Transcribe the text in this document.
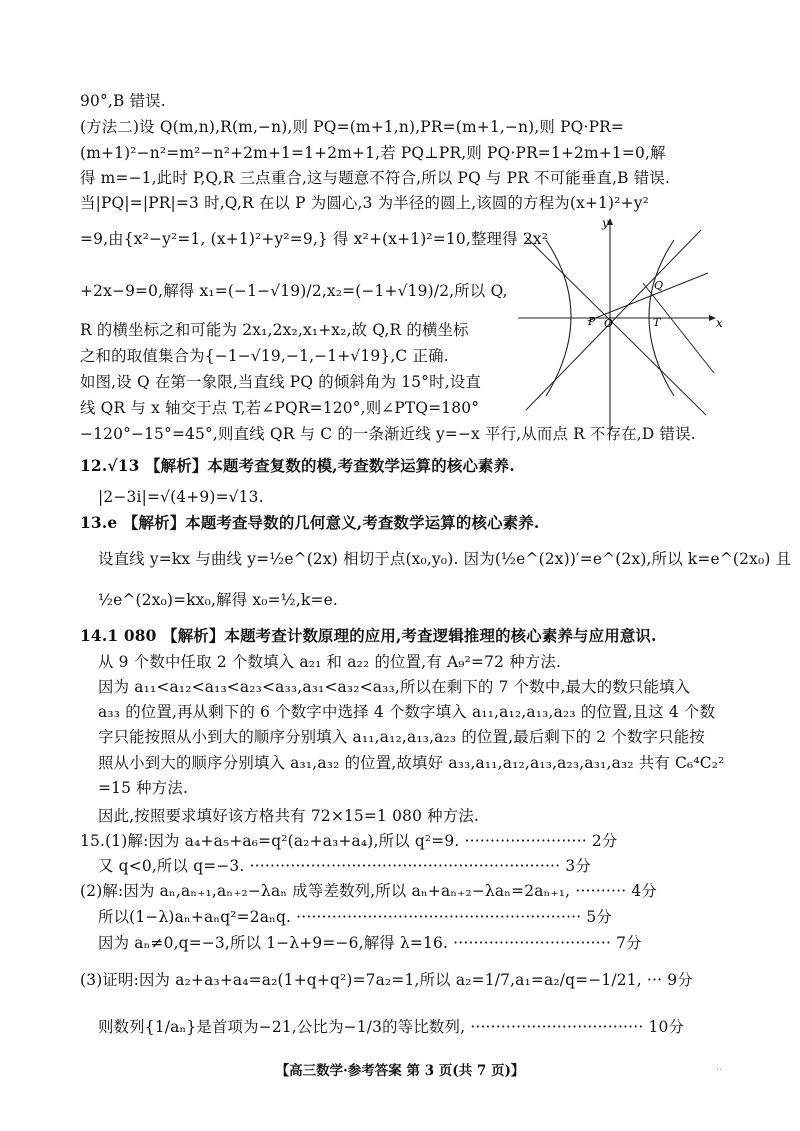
90°,B 错误.
(方法二)设 Q(m,n),R(m,−n),则 PQ=(m+1,n),PR=(m+1,−n),则 PQ·PR=
(m+1)²−n²=m²−n²+2m+1=1+2m+1,若 PQ⊥PR,则 PQ·PR=1+2m+1=0,解
得 m=−1,此时 P,Q,R 三点重合,这与题意不符合,所以 PQ 与 PR 不可能垂直,B 错误.
当|PQ|=|PR|=3 时,Q,R 在以 P 为圆心,3 为半径的圆上,该圆的方程为(x+1)²+y²
=9,由{x²−y²=1, (x+1)²+y²=9,} 得 x²+(x+1)²=10,整理得 2x²
+2x−9=0,解得 x₁=(−1−√19)/2,x₂=(−1+√19)/2,所以 Q,
R 的横坐标之和可能为 2x₁,2x₂,x₁+x₂,故 Q,R 的横坐标
之和的取值集合为{−1−√19,−1,−1+√19},C 正确.
如图,设 Q 在第一象限,当直线 PQ 的倾斜角为 15°时,设直
线 QR 与 x 轴交于点 T,若∠PQR=120°,则∠PTQ=180°
−120°−15°=45°,则直线 QR 与 C 的一条渐近线 y=−x 平行,从而点 R 不存在,D 错误.
12.√13 【解析】本题考查复数的模,考查数学运算的核心素养.
|2−3i|=√(4+9)=√13.
13.e 【解析】本题考查导数的几何意义,考查数学运算的核心素养.
设直线 y=kx 与曲线 y=½e^(2x) 相切于点(x₀,y₀). 因为(½e^(2x))′=e^(2x),所以 k=e^(2x₀) 且
½e^(2x₀)=kx₀,解得 x₀=½,k=e.
14.1 080 【解析】本题考查计数原理的应用,考查逻辑推理的核心素养与应用意识.
从 9 个数中任取 2 个数填入 a₂₁ 和 a₂₂ 的位置,有 A₉²=72 种方法.
因为 a₁₁<a₁₂<a₁₃<a₂₃<a₃₃,a₃₁<a₃₂<a₃₃,所以在剩下的 7 个数中,最大的数只能填入
a₃₃ 的位置,再从剩下的 6 个数字中选择 4 个数字填入 a₁₁,a₁₂,a₁₃,a₂₃ 的位置,且这 4 个数
字只能按照从小到大的顺序分别填入 a₁₁,a₁₂,a₁₃,a₂₃ 的位置,最后剩下的 2 个数字只能按
照从小到大的顺序分别填入 a₃₁,a₃₂ 的位置,故填好 a₃₃,a₁₁,a₁₂,a₁₃,a₂₃,a₃₁,a₃₂ 共有 C₆⁴C₂²
=15 种方法.
因此,按照要求填好该方格共有 72×15=1 080 种方法.
15.(1)解:因为 a₄+a₅+a₆=q²(a₂+a₃+a₄),所以 q²=9. ························ 2分
又 q<0,所以 q=−3. ····························································· 3分
(2)解:因为 aₙ,aₙ₊₁,aₙ₊₂−λaₙ 成等差数列,所以 aₙ+aₙ₊₂−λaₙ=2aₙ₊₁, ·········· 4分
所以(1−λ)aₙ+aₙq²=2aₙq. ························································ 5分
因为 aₙ≠0,q=−3,所以 1−λ+9=−6,解得 λ=16. ······························· 7分
(3)证明:因为 a₂+a₃+a₄=a₂(1+q+q²)=7a₂=1,所以 a₂=1/7,a₁=a₂/q=−1/21, ··· 9分
则数列{1/aₙ}是首项为−21,公比为−1/3的等比数列, ·································· 10分
y
x
Q
P O	T
【高三数学·参考答案 第 3 页(共 7 页)】	..
